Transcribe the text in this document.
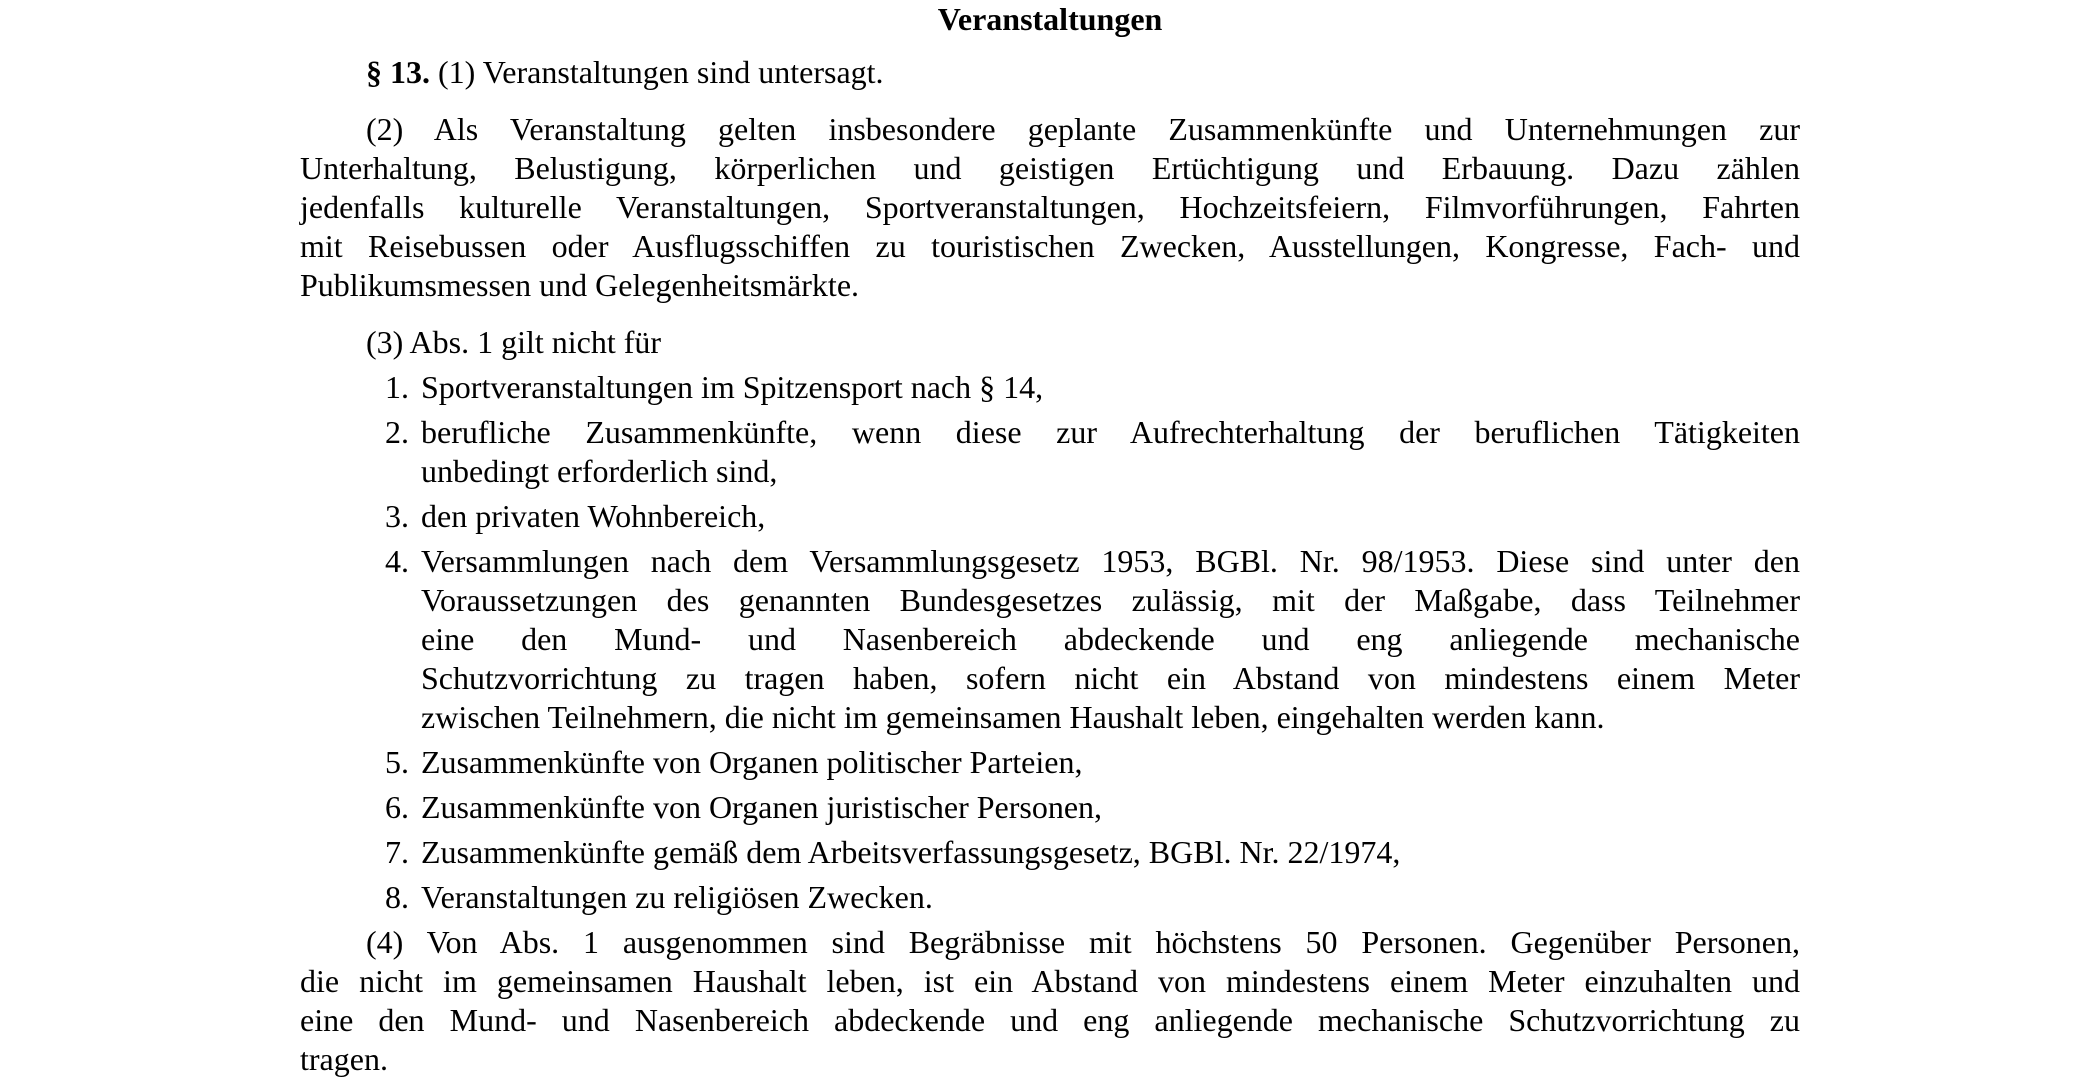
Veranstaltungen

§ 13. (1) Veranstaltungen sind untersagt.

(2) Als Veranstaltung gelten insbesondere geplante Zusammenkünfte und Unternehmungen zur
Unterhaltung, Belustigung, körperlichen und geistigen Ertüchtigung und Erbauung. Dazu zählen
jedenfalls kulturelle Veranstaltungen, Sportveranstaltungen, Hochzeitsfeiern, Filmvorführungen, Fahrten
mit Reisebussen oder Ausflugsschiffen zu touristischen Zwecken, Ausstellungen, Kongresse, Fach- und
Publikumsmessen und Gelegenheitsmärkte.

(3) Abs. 1 gilt nicht für

1. Sportveranstaltungen im Spitzensport nach § 14,
2. berufliche Zusammenkünfte, wenn diese zur Aufrechterhaltung der beruflichen Tätigkeiten
unbedingt erforderlich sind,
3. den privaten Wohnbereich,
4. Versammlungen nach dem Versammlungsgesetz 1953, BGBl. Nr. 98/1953. Diese sind unter den
Voraussetzungen des genannten Bundesgesetzes zulässig, mit der Maßgabe, dass Teilnehmer
eine den Mund- und Nasenbereich abdeckende und eng anliegende mechanische
Schutzvorrichtung zu tragen haben, sofern nicht ein Abstand von mindestens einem Meter
zwischen Teilnehmern, die nicht im gemeinsamen Haushalt leben, eingehalten werden kann.
5. Zusammenkünfte von Organen politischer Parteien,
6. Zusammenkünfte von Organen juristischer Personen,
7. Zusammenkünfte gemäß dem Arbeitsverfassungsgesetz, BGBl. Nr. 22/1974,
8. Veranstaltungen zu religiösen Zwecken.
(4) Von Abs. 1 ausgenommen sind Begräbnisse mit höchstens 50 Personen. Gegenüber Personen,
die nicht im gemeinsamen Haushalt leben, ist ein Abstand von mindestens einem Meter einzuhalten und
eine den Mund- und Nasenbereich abdeckende und eng anliegende mechanische Schutzvorrichtung zu
tragen.
